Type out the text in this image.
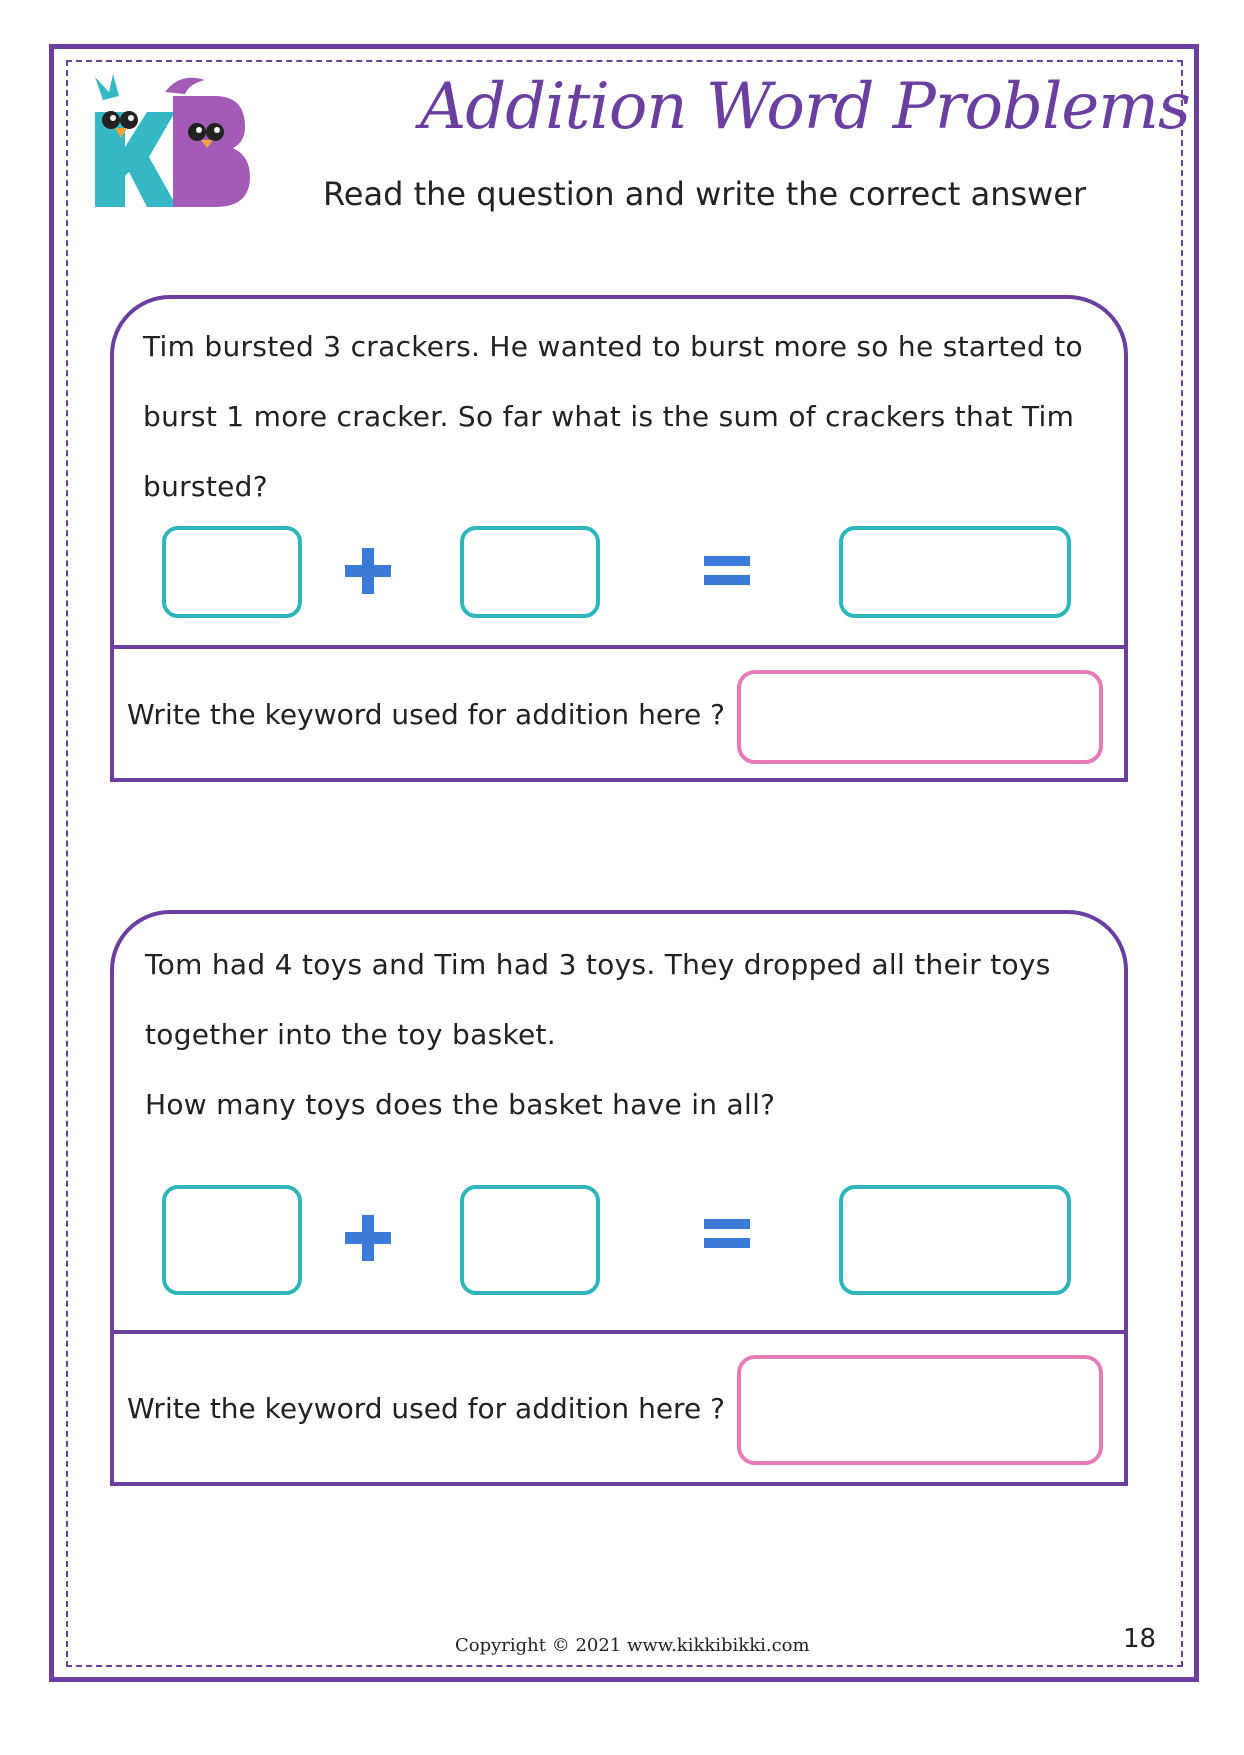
Addition Word Problems
Read the question and write the correct answer
Tim bursted 3 crackers. He wanted to burst more so he started to
burst 1 more cracker. So far what is the sum of crackers that Tim
bursted?
Write the keyword used for addition here ?
Tom had 4 toys and Tim had 3 toys. They dropped all their toys
together into the toy basket.
How many toys does the basket have in all?
Write the keyword used for addition here ?
Copyright © 2021 www.kikkibikki.com	18
